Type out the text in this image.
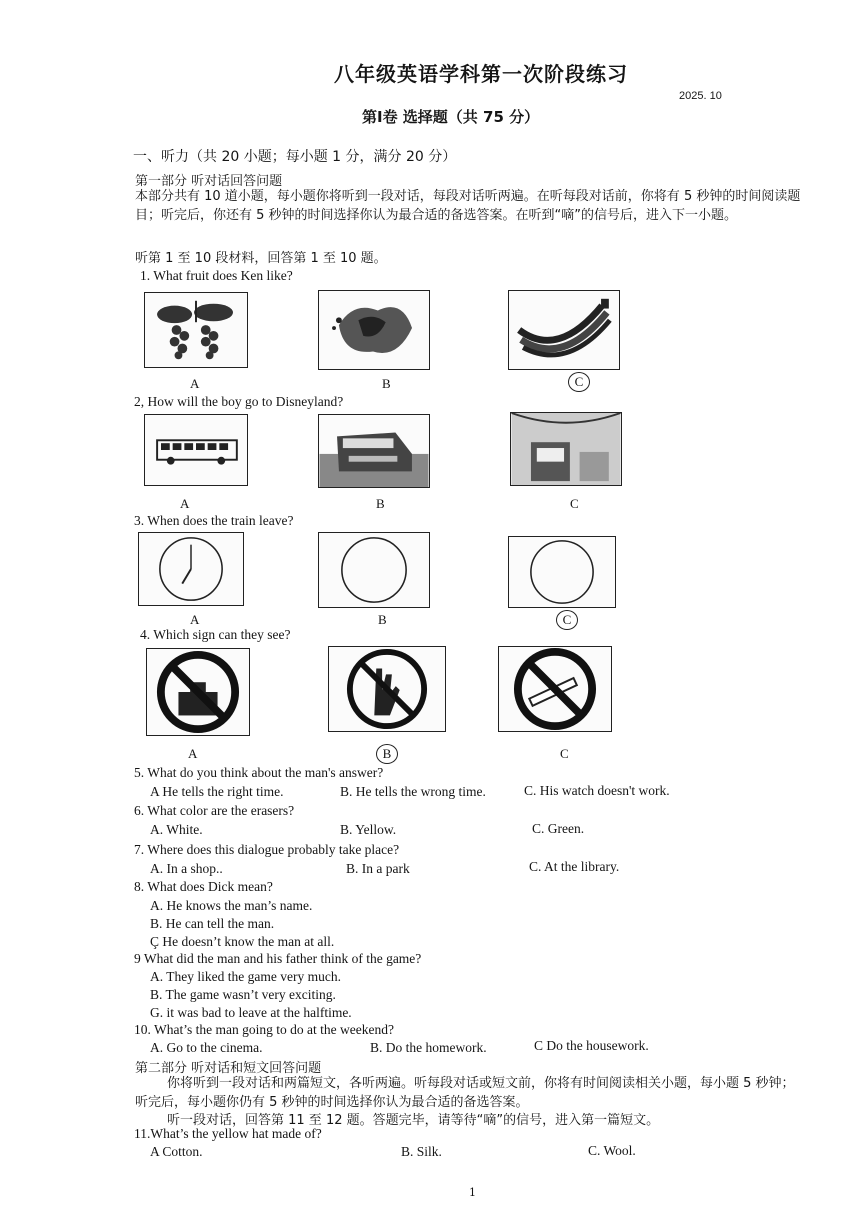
八年级英语学科第一次阶段练习
2025. 10
第Ⅰ卷 选择题（共 75 分）
一、听力（共 20 小题；每小题 1 分，满分 20 分）
第一部分 听对话回答问题
本部分共有 10 道小题，每小题你将听到一段对话，每段对话听两遍。在听每段对话前，你将有 5 秒钟的时间阅读题目；听完后，你还有 5 秒钟的时间选择你认为最合适的备选答案。在听到“嘀”的信号后，进入下一小题。
听第 1 至 10 段材料，回答第 1 至 10 题。
1. What fruit does Ken like?
A	B	C
2, How will the boy go to Disneyland?
A	B	C
3. When does the train leave?
A	B	C
4. Which sign can they see?
A	B	C
5. What do you think about the man's answer?
A He tells the right time.	B. He tells the wrong time.	C. His watch doesn't work.
6. What color are the erasers?
A. White.	B. Yellow.	C. Green.
7. Where does this dialogue probably take place?
A. In a shop..	B. In a park	C. At the library.
8. What does Dick mean?
A. He knows the man’s name.
B. He can tell the man.
Ç He doesn’t know the man at all.
9 What did the man and his father think of the game?
A. They liked the game very much.
B. The game wasn’t very exciting.
G. it was bad to leave at the halftime.
10. What’s the man going to do at the weekend?
A. Go to the cinema.	B. Do the homework.	C Do the housework.
第二部分 听对话和短文回答问题
你将听到一段对话和两篇短文，各听两遍。听每段对话或短文前，你将有时间阅读相关小题，每小题 5 秒钟；听完后，每小题你仍有 5 秒钟的时间选择你认为最合适的备选答案。
听一段对话，回答第 11 至 12 题。答题完毕，请等待“嘀”的信号，进入第一篇短文。
11.What’s the yellow hat made of?
A Cotton.	B. Silk.	C. Wool.
1
